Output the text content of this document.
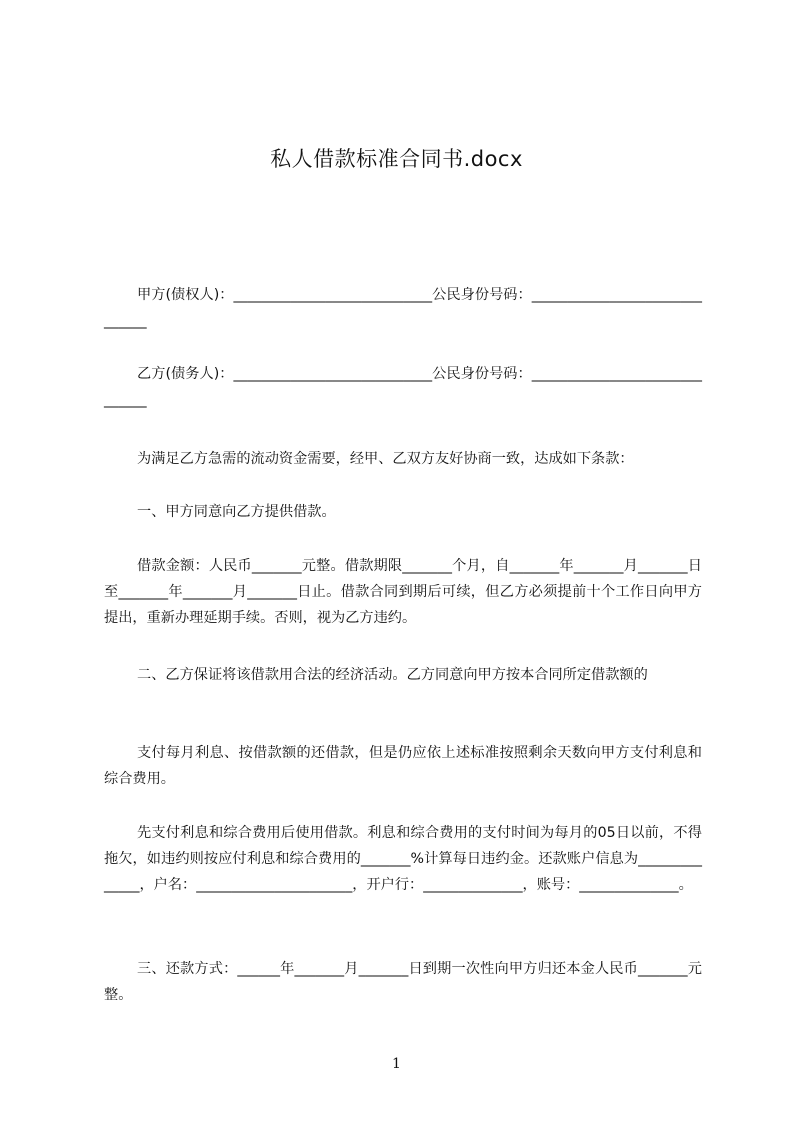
私人借款标准合同书.docx

甲方(债权人)：____________________________公民身份号码：______________________________

乙方(债务人)：____________________________公民身份号码：______________________________

为满足乙方急需的流动资金需要，经甲、乙双方友好协商一致，达成如下条款：

一、甲方同意向乙方提供借款。

借款金额：人民币_______元整。借款期限_______个月，自_______年_______月_______日至_______年_______月_______日止。借款合同到期后可续，但乙方必须提前十个工作日向甲方提出，重新办理延期手续。否则，视为乙方违约。

二、乙方保证将该借款用合法的经济活动。乙方同意向甲方按本合同所定借款额的

支付每月利息、按借款额的还借款，但是仍应依上述标准按照剩余天数向甲方支付利息和综合费用。

先支付利息和综合费用后使用借款。利息和综合费用的支付时间为每月的05日以前，不得拖欠，如违约则按应付利息和综合费用的_______%计算每日违约金。还款账户信息为______________，户名：______________________，开户行：______________，账号：______________。

三、还款方式：______年_______月_______日到期一次性向甲方归还本金人民币_______元整。

1
